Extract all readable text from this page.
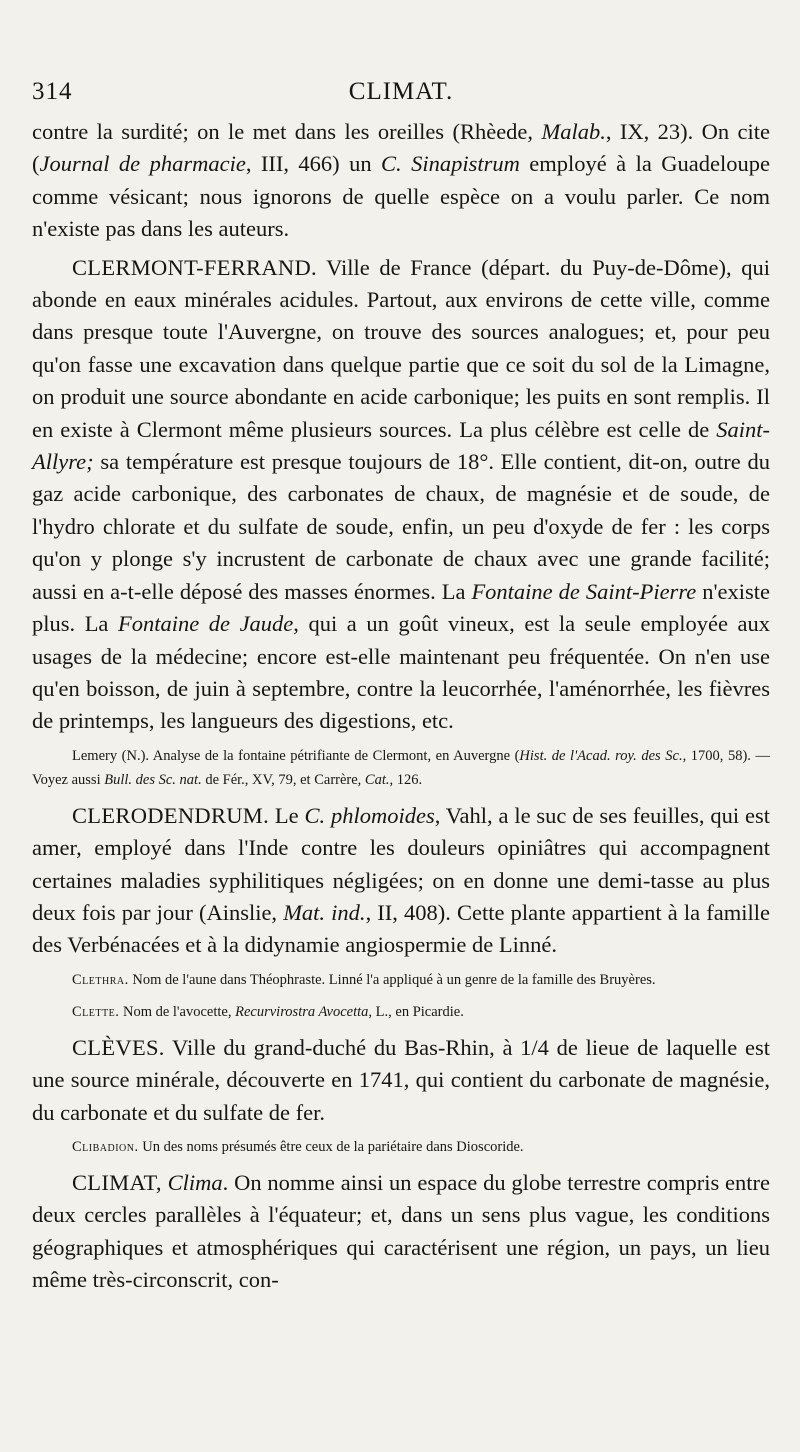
314	CLIMAT.

contre la surdité; on le met dans les oreilles (Rhèede, Malab., IX, 23). On cite (Journal de pharmacie, III, 466) un C. Sinapistrum employé à la Guadeloupe comme vésicant; nous ignorons de quelle espèce on a voulu parler. Ce nom n'existe pas dans les auteurs.

CLERMONT-FERRAND. Ville de France (départ. du Puy-de-Dôme), qui abonde en eaux minérales acidules. Partout, aux environs de cette ville, comme dans presque toute l'Auvergne, on trouve des sources analogues; et, pour peu qu'on fasse une excavation dans quelque partie que ce soit du sol de la Limagne, on produit une source abondante en acide carbonique; les puits en sont remplis. Il en existe à Clermont même plusieurs sources. La plus célèbre est celle de Saint-Allyre; sa température est presque toujours de 18°. Elle contient, dit-on, outre du gaz acide carbonique, des carbonates de chaux, de magnésie et de soude, de l'hydro chlorate et du sulfate de soude, enfin, un peu d'oxyde de fer : les corps qu'on y plonge s'y incrustent de carbonate de chaux avec une grande facilité; aussi en a-t-elle déposé des masses énormes. La Fontaine de Saint-Pierre n'existe plus. La Fontaine de Jaude, qui a un goût vineux, est la seule employée aux usages de la médecine; encore est-elle maintenant peu fréquentée. On n'en use qu'en boisson, de juin à septembre, contre la leucorrhée, l'aménorrhée, les fièvres de printemps, les langueurs des digestions, etc.

Lemery (N.). Analyse de la fontaine pétrifiante de Clermont, en Auvergne (Hist. de l'Acad. roy. des Sc., 1700, 58). — Voyez aussi Bull. des Sc. nat. de Fér., XV, 79, et Carrère, Cat., 126.

CLERODENDRUM. Le C. phlomoides, Vahl, a le suc de ses feuilles, qui est amer, employé dans l'Inde contre les douleurs opiniâtres qui accompagnent certaines maladies syphilitiques négligées; on en donne une demi-tasse au plus deux fois par jour (Ainslie, Mat. ind., II, 408). Cette plante appartient à la famille des Verbénacées et à la didynamie angiospermie de Linné.

Clethra. Nom de l'aune dans Théophraste. Linné l'a appliqué à un genre de la famille des Bruyères.

Clette. Nom de l'avocette, Recurvirostra Avocetta, L., en Picardie.

CLÈVES. Ville du grand-duché du Bas-Rhin, à 1/4 de lieue de laquelle est une source minérale, découverte en 1741, qui contient du carbonate de magnésie, du carbonate et du sulfate de fer.

Clibadion. Un des noms présumés être ceux de la pariétaire dans Dioscoride.

CLIMAT, Clima. On nomme ainsi un espace du globe terrestre compris entre deux cercles parallèles à l'équateur; et, dans un sens plus vague, les conditions géographiques et atmosphériques qui caractérisent une région, un pays, un lieu même très-circonscrit, con-
